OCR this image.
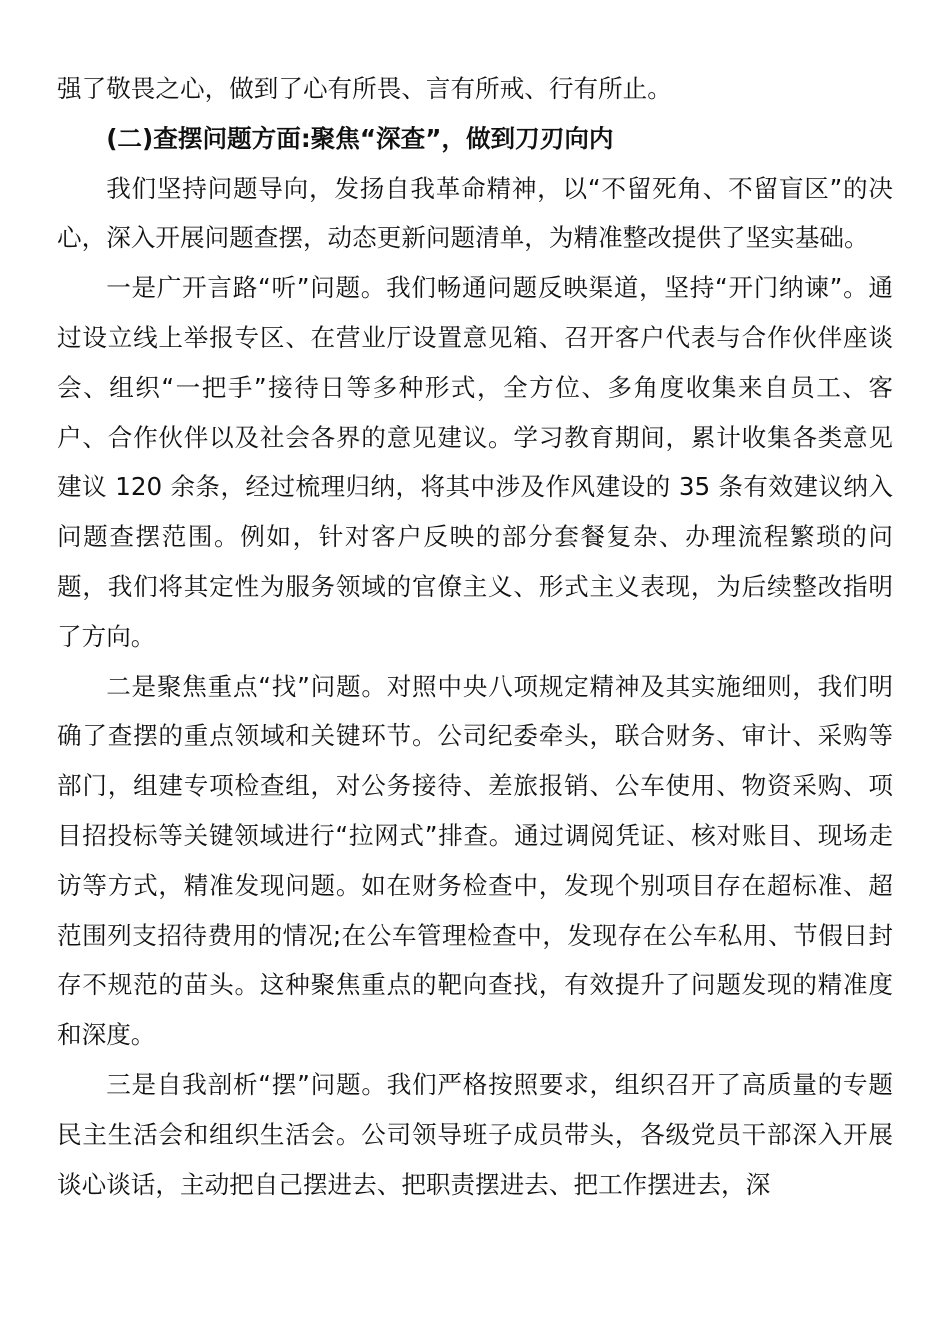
强了敬畏之心，做到了心有所畏、言有所戒、行有所止。

(二)查摆问题方面:聚焦“深查”，做到刀刃向内

我们坚持问题导向，发扬自我革命精神，以“不留死角、不留盲区”的决心，深入开展问题查摆，动态更新问题清单，为精准整改提供了坚实基础。

一是广开言路“听”问题。我们畅通问题反映渠道，坚持“开门纳谏”。通过设立线上举报专区、在营业厅设置意见箱、召开客户代表与合作伙伴座谈会、组织“一把手”接待日等多种形式，全方位、多角度收集来自员工、客户、合作伙伴以及社会各界的意见建议。学习教育期间，累计收集各类意见建议 120 余条，经过梳理归纳，将其中涉及作风建设的 35 条有效建议纳入问题查摆范围。例如，针对客户反映的部分套餐复杂、办理流程繁琐的问题，我们将其定性为服务领域的官僚主义、形式主义表现，为后续整改指明了方向。

二是聚焦重点“找”问题。对照中央八项规定精神及其实施细则，我们明确了查摆的重点领域和关键环节。公司纪委牵头，联合财务、审计、采购等部门，组建专项检查组，对公务接待、差旅报销、公车使用、物资采购、项目招投标等关键领域进行“拉网式”排查。通过调阅凭证、核对账目、现场走访等方式，精准发现问题。如在财务检查中，发现个别项目存在超标准、超范围列支招待费用的情况;在公车管理检查中，发现存在公车私用、节假日封存不规范的苗头。这种聚焦重点的靶向查找，有效提升了问题发现的精准度和深度。

三是自我剖析“摆”问题。我们严格按照要求，组织召开了高质量的专题民主生活会和组织生活会。公司领导班子成员带头，各级党员干部深入开展谈心谈话，主动把自己摆进去、把职责摆进去、把工作摆进去，深
